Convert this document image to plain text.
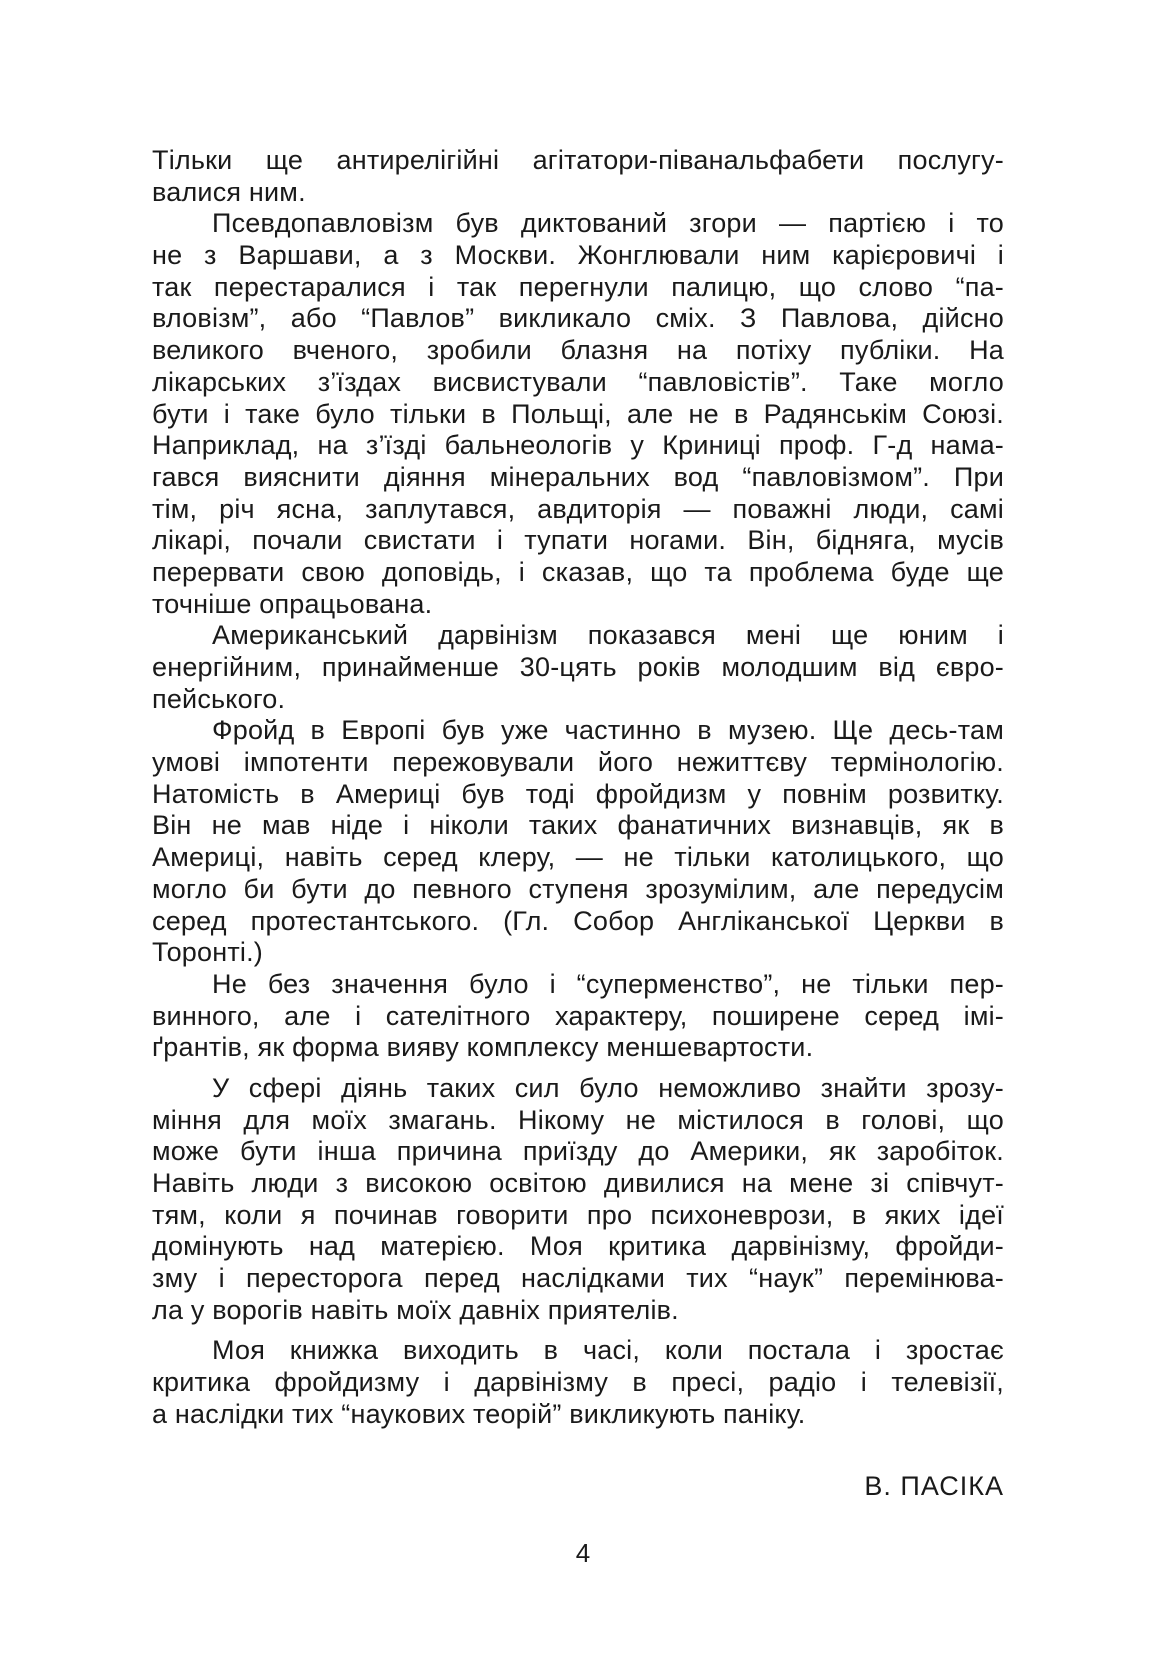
Тільки ще антирелігійні агітатори-піванальфабети послугу-
валися ним.
Псевдопавловізм був диктований згори — партією і то
не з Варшави, а з Москви. Жонглювали ним карієровичі і
так перестаралися і так перегнули палицю, що слово “па-
вловізм”, або “Павлов” викликало сміх. З Павлова, дійсно
великого вченого, зробили блазня на потіху публіки. На
лікарських з’їздах висвистували “павловістів”. Таке могло
бути і таке було тільки в Польщі, але не в Радянськім Союзі.
Наприклад, на з’їзді бальнеологів у Криниці проф. Г-д нама-
гався вияснити діяння мінеральних вод “павловізмом”. При
тім, річ ясна, заплутався, авдиторія — поважні люди, самі
лікарі, почали свистати і тупати ногами. Він, бідняга, мусів
перервати свою доповідь, і сказав, що та проблема буде ще
точніше опрацьована.
Американський дарвінізм показався мені ще юним і
енергійним, принайменше 30-цять років молодшим від євро-
пейського.
Фройд в Европі був уже частинно в музею. Ще десь-там
умові імпотенти пережовували його нежиттєву термінологію.
Натомість в Америці був тоді фройдизм у повнім розвитку.
Він не мав ніде і ніколи таких фанатичних визнавців, як в
Америці, навіть серед клеру, — не тільки католицького, що
могло би бути до певного ступеня зрозумілим, але передусім
серед протестантського. (Гл. Собор Англіканської Церкви в
Торонті.)
Не без значення було і “суперменство”, не тільки пер-
винного, але і сателітного характеру, поширене серед імі-
ґрантів, як форма вияву комплексу меншевартости.
У сфері діянь таких сил було неможливо знайти зрозу-
міння для моїх змагань. Нікому не містилося в голові, що
може бути інша причина приїзду до Америки, як заробіток.
Навіть люди з високою освітою дивилися на мене зі співчут-
тям, коли я починав говорити про психоневрози, в яких ідеї
домінують над матерією. Моя критика дарвінізму, фройди-
зму і пересторога перед наслідками тих “наук” перемінюва-
ла у ворогів навіть моїх давніх приятелів.
Моя книжка виходить в часі, коли постала і зростає
критика фройдизму і дарвінізму в пресі, радіо і телевізії,
а наслідки тих “наукових теорій” викликують паніку.
В. ПАСІКА
4
